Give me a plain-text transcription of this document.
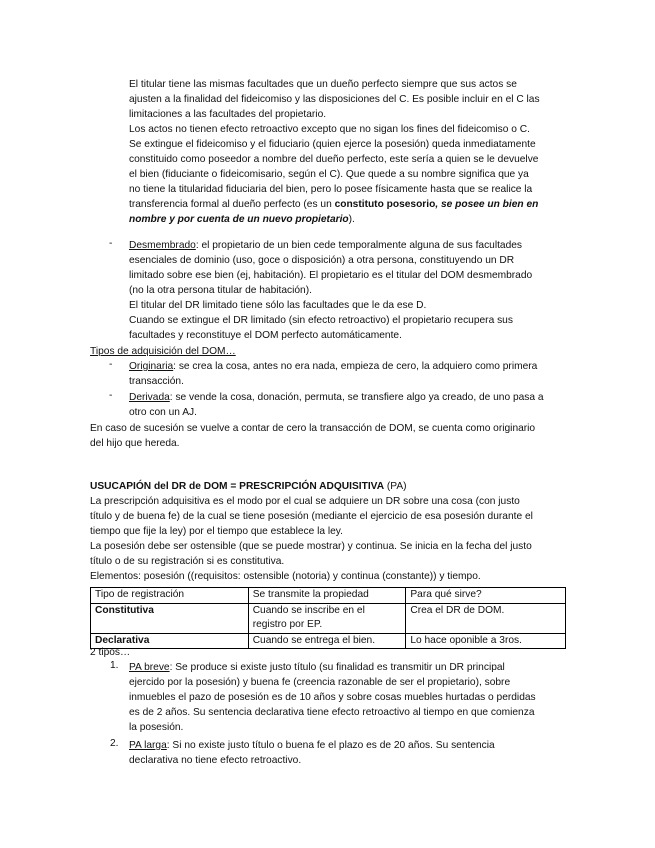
El titular tiene las mismas facultades que un dueño perfecto siempre que sus actos se

ajusten a la finalidad del fideicomiso y las disposiciones del C. Es posible incluir en el C las

limitaciones a las facultades del propietario.

Los actos no tienen efecto retroactivo excepto que no sigan los fines del fideicomiso o C.

Se extingue el fideicomiso y el fiduciario (quien ejerce la posesión) queda inmediatamente

constituido como poseedor a nombre del dueño perfecto, este sería a quien se le devuelve

el bien (fiduciante o fideicomisario, según el C). Que quede a su nombre significa que ya

no tiene la titularidad fiduciaria del bien, pero lo posee físicamente hasta que se realice la

transferencia formal al dueño perfecto (es un constituto posesorio, se posee un bien en

nombre y por cuenta de un nuevo propietario).

- Desmembrado: el propietario de un bien cede temporalmente alguna de sus facultades

esenciales de dominio (uso, goce o disposición) a otra persona, constituyendo un DR

limitado sobre ese bien (ej, habitación). El propietario es el titular del DOM desmembrado

(no la otra persona titular de habitación).

El titular del DR limitado tiene sólo las facultades que le da ese D.

Cuando se extingue el DR limitado (sin efecto retroactivo) el propietario recupera sus

facultades y reconstituye el DOM perfecto automáticamente.

Tipos de adquisición del DOM…

- Originaria: se crea la cosa, antes no era nada, empieza de cero, la adquiero como primera

transacción.

- Derivada: se vende la cosa, donación, permuta, se transfiere algo ya creado, de uno pasa a

otro con un AJ.

En caso de sucesión se vuelve a contar de cero la transacción de DOM, se cuenta como originario

del hijo que hereda.

USUCAPIÓN del DR de DOM = PRESCRIPCIÓN ADQUISITIVA (PA)

La prescripción adquisitiva es el modo por el cual se adquiere un DR sobre una cosa (con justo

título y de buena fe) de la cual se tiene posesión (mediante el ejercicio de esa posesión durante el

tiempo que fije la ley) por el tiempo que establece la ley.

La posesión debe ser ostensible (que se puede mostrar) y continua. Se inicia en la fecha del justo

título o de su registración si es constitutiva.

Elementos: posesión ((requisitos: ostensible (notoria) y continua (constante)) y tiempo.

Tipo de registración	Se transmite la propiedad	Para qué sirve?
Constitutiva	Cuando se inscribe en el
registro por EP.	Crea el DR de DOM.
Declarativa	Cuando se entrega el bien.	Lo hace oponible a 3ros.

2 tipos…

1. PA breve: Se produce si existe justo título (su finalidad es transmitir un DR principal

ejercido por la posesión) y buena fe (creencia razonable de ser el propietario), sobre

inmuebles el pazo de posesión es de 10 años y sobre cosas muebles hurtadas o perdidas

es de 2 años. Su sentencia declarativa tiene efecto retroactivo al tiempo en que comienza

la posesión.

2. PA larga: Si no existe justo título o buena fe el plazo es de 20 años. Su sentencia

declarativa no tiene efecto retroactivo.
